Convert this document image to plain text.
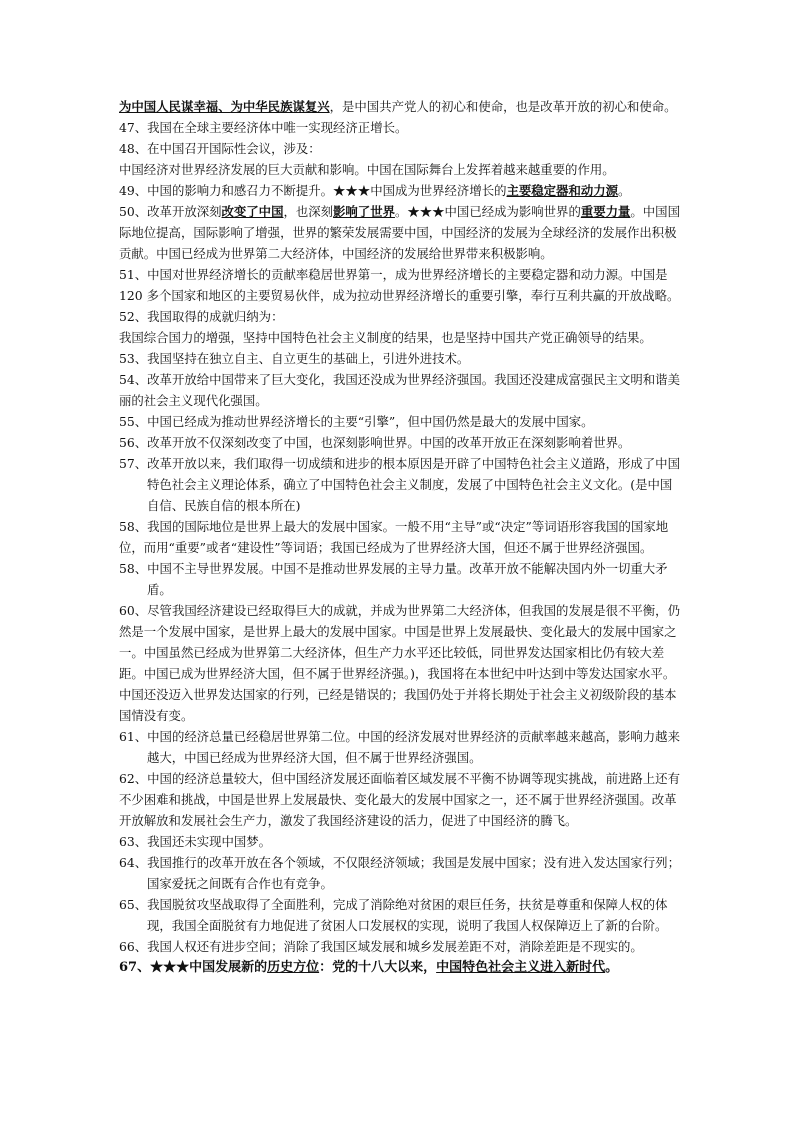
为中国人民谋幸福、为中华民族谋复兴，是中国共产党人的初心和使命，也是改革开放的初心和使命。

47、我国在全球主要经济体中唯一实现经济正增长。

48、在中国召开国际性会议，涉及：

中国经济对世界经济发展的巨大贡献和影响。中国在国际舞台上发挥着越来越重要的作用。

49、中国的影响力和感召力不断提升。★★★中国成为世界经济增长的主要稳定器和动力源。

50、改革开放深刻改变了中国，也深刻影响了世界。★★★中国已经成为影响世界的重要力量。中国国际地位提高，国际影响了增强，世界的繁荣发展需要中国，中国经济的发展为全球经济的发展作出积极贡献。中国已经成为世界第二大经济体，中国经济的发展给世界带来积极影响。

51、中国对世界经济增长的贡献率稳居世界第一，成为世界经济增长的主要稳定器和动力源。中国是 120 多个国家和地区的主要贸易伙伴，成为拉动世界经济增长的重要引擎，奉行互利共赢的开放战略。

52、我国取得的成就归纳为：

我国综合国力的增强，坚持中国特色社会主义制度的结果，也是坚持中国共产党正确领导的结果。

53、我国坚持在独立自主、自立更生的基础上，引进外进技术。

54、改革开放给中国带来了巨大变化，我国还没成为世界经济强国。我国还没建成富强民主文明和谐美丽的社会主义现代化强国。

55、中国已经成为推动世界经济增长的主要“引擎”，但中国仍然是最大的发展中国家。

56、改革开放不仅深刻改变了中国，也深刻影响世界。中国的改革开放正在深刻影响着世界。

57、改革开放以来，我们取得一切成绩和进步的根本原因是开辟了中国特色社会主义道路，形成了中国特色社会主义理论体系，确立了中国特色社会主义制度，发展了中国特色社会主义文化。(是中国自信、民族自信的根本所在)

58、我国的国际地位是世界上最大的发展中国家。一般不用“主导”或“决定”等词语形容我国的国家地位，而用“重要”或者“建设性”等词语；我国已经成为了世界经济大国，但还不属于世界经济强国。

58、中国不主导世界发展。中国不是推动世界发展的主导力量。改革开放不能解决国内外一切重大矛盾。

60、尽管我国经济建设已经取得巨大的成就，并成为世界第二大经济体，但我国的发展是很不平衡，仍然是一个发展中国家，是世界上最大的发展中国家。中国是世界上发展最快、变化最大的发展中国家之一。中国虽然已经成为世界第二大经济体，但生产力水平还比较低，同世界发达国家相比仍有较大差距。中国已成为世界经济大国，但不属于世界经济强。)，我国将在本世纪中叶达到中等发达国家水平。中国还没迈入世界发达国家的行列，已经是错误的；我国仍处于并将长期处于社会主义初级阶段的基本国情没有变。

61、中国的经济总量已经稳居世界第二位。中国的经济发展对世界经济的贡献率越来越高，影响力越来越大，中国已经成为世界经济大国，但不属于世界经济强国。

62、中国的经济总量较大，但中国经济发展还面临着区域发展不平衡不协调等现实挑战，前进路上还有不少困难和挑战，中国是世界上发展最快、变化最大的发展中国家之一，还不属于世界经济强国。改革开放解放和发展社会生产力，激发了我国经济建设的活力，促进了中国经济的腾飞。

63、我国还未实现中国梦。

64、我国推行的改革开放在各个领域，不仅限经济领域；我国是发展中国家；没有进入发达国家行列；国家爱抚之间既有合作也有竞争。

65、我国脱贫攻坚战取得了全面胜利，完成了消除绝对贫困的艰巨任务，扶贫是尊重和保障人权的体现，我国全面脱贫有力地促进了贫困人口发展权的实现，说明了我国人权保障迈上了新的台阶。

66、我国人权还有进步空间；消除了我国区域发展和城乡发展差距不对，消除差距是不现实的。

67、★★★中国发展新的历史方位：党的十八大以来，中国特色社会主义进入新时代。
